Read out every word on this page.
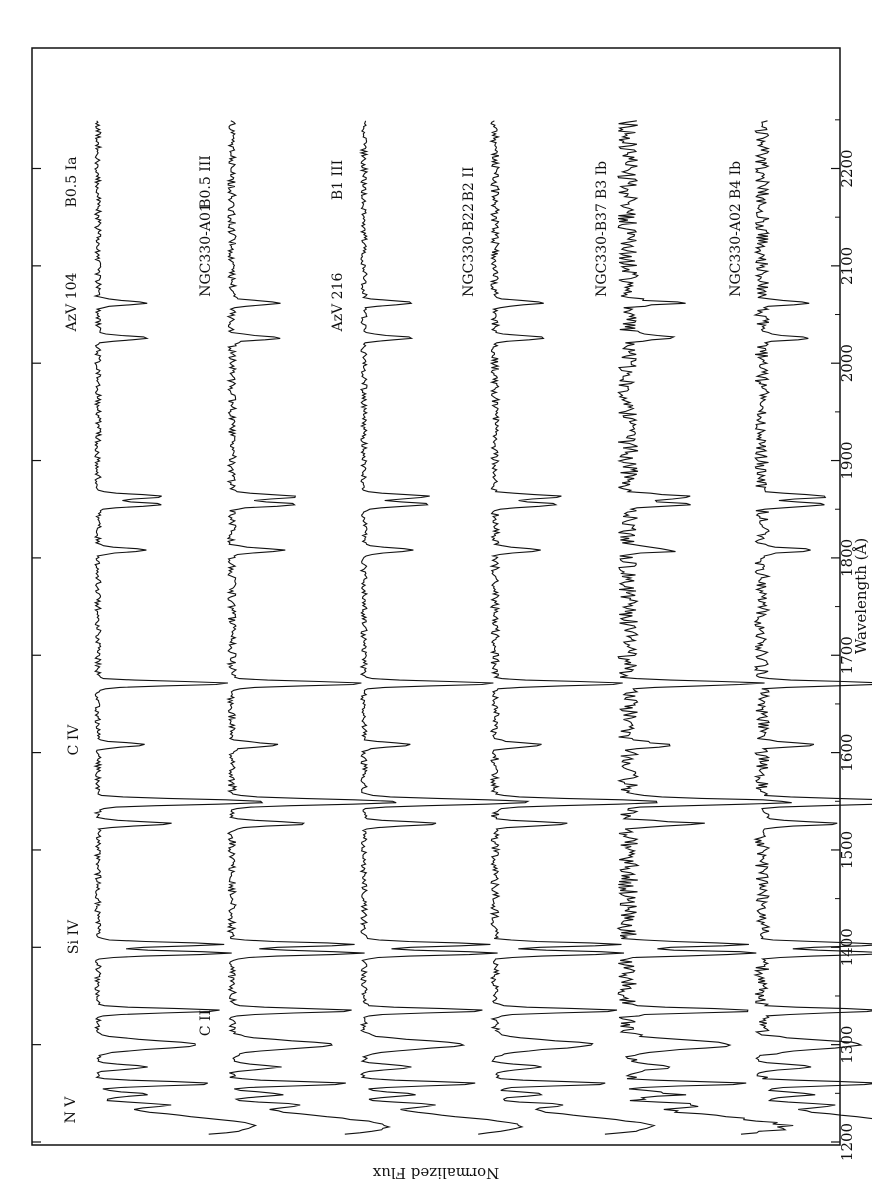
1200
1300
1400
1500
1600
1700
1800
1900
2000
2100
2200
AzV 104
B0.5 Ia
NGC330-A01
B0.5 III
AzV 216
B1 III
NGC330-B22
B2 II
NGC330-B37
B3 Ib
NGC330-A02
B4 Ib
N V
Si IV
C IV
C II
Wavelength (Å)
Normalized Flux
